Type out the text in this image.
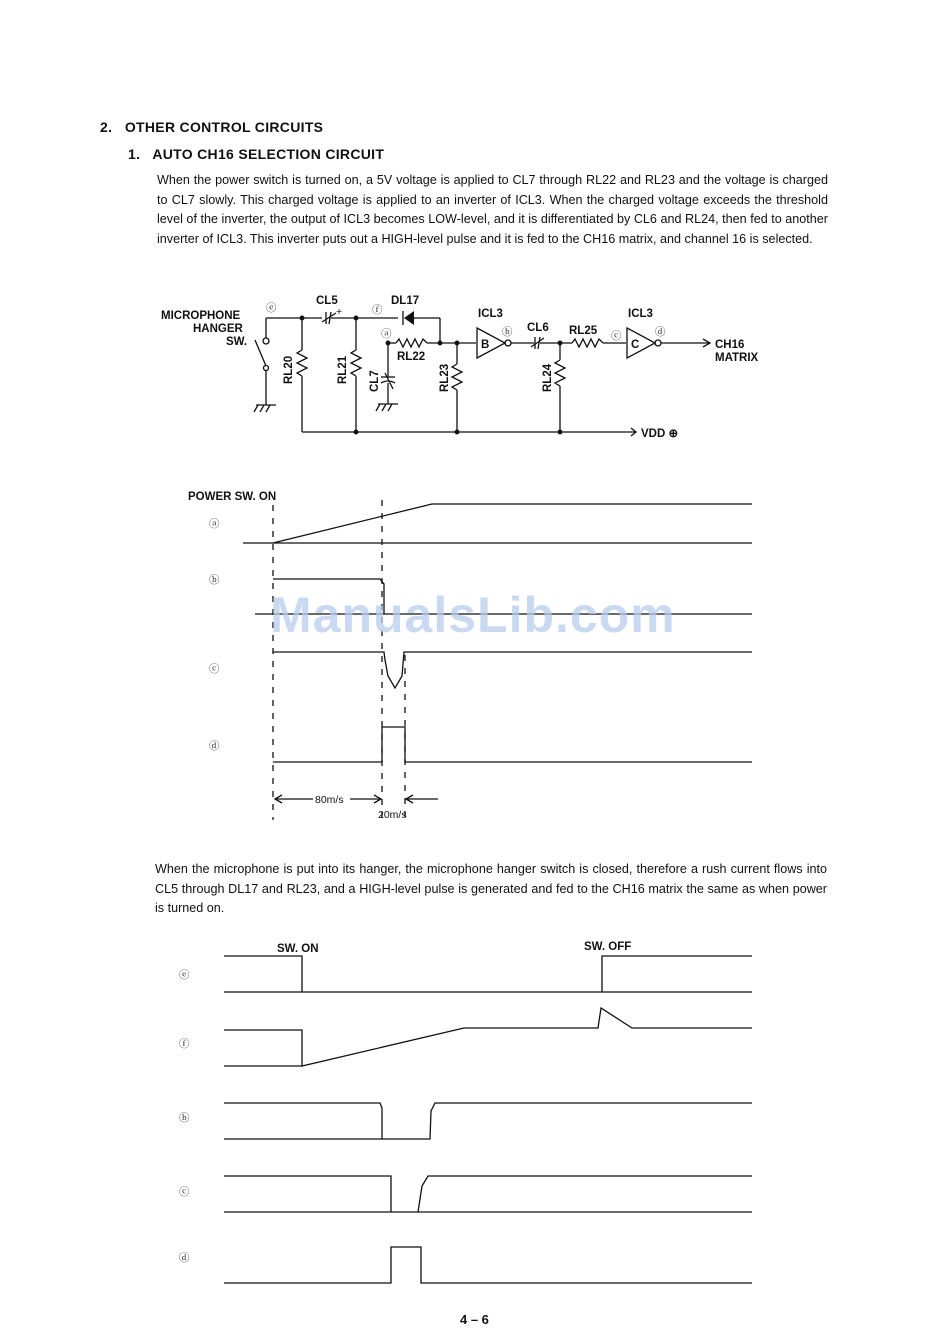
2. OTHER CONTROL CIRCUITS
1. AUTO CH16 SELECTION CIRCUIT

When the power switch is turned on, a 5V voltage is applied to CL7 through RL22 and RL23 and the voltage is charged to CL7 slowly. This charged voltage is applied to an inverter of ICL3. When the charged voltage exceeds the threshold level of the inverter, the output of ICL3 becomes LOW-level, and it is differentiated by CL6 and RL24, then fed to another inverter of ICL3. This inverter puts out a HIGH-level pulse and it is fed to the CH16 matrix, and channel 16 is selected.

MICROPHONE
HANGER
SW.
ⓔ
CL5
+	ⓕ
DL17
ⓐ
RL22
RL20	RL21 CL7	RL23
ICL3
B
ⓑ CL6
RL24
RL25 ⓒ
ICL3
C
ⓓ
CH16
MATRIX
VDD ⊕
POWER SW. ON
ⓐ
ⓑ
ⓒ
ⓓ
80m/s
20m/s
ManualsLib.com

When the microphone is put into its hanger, the microphone hanger switch is closed, therefore a rush current flows into CL5 through DL17 and RL23, and a HIGH-level pulse is generated and fed to the CH16 matrix the same as when power is turned on.

SW. ON	SW. OFF
ⓔ
ⓕ
ⓑ
ⓒ
ⓓ
4 – 6
